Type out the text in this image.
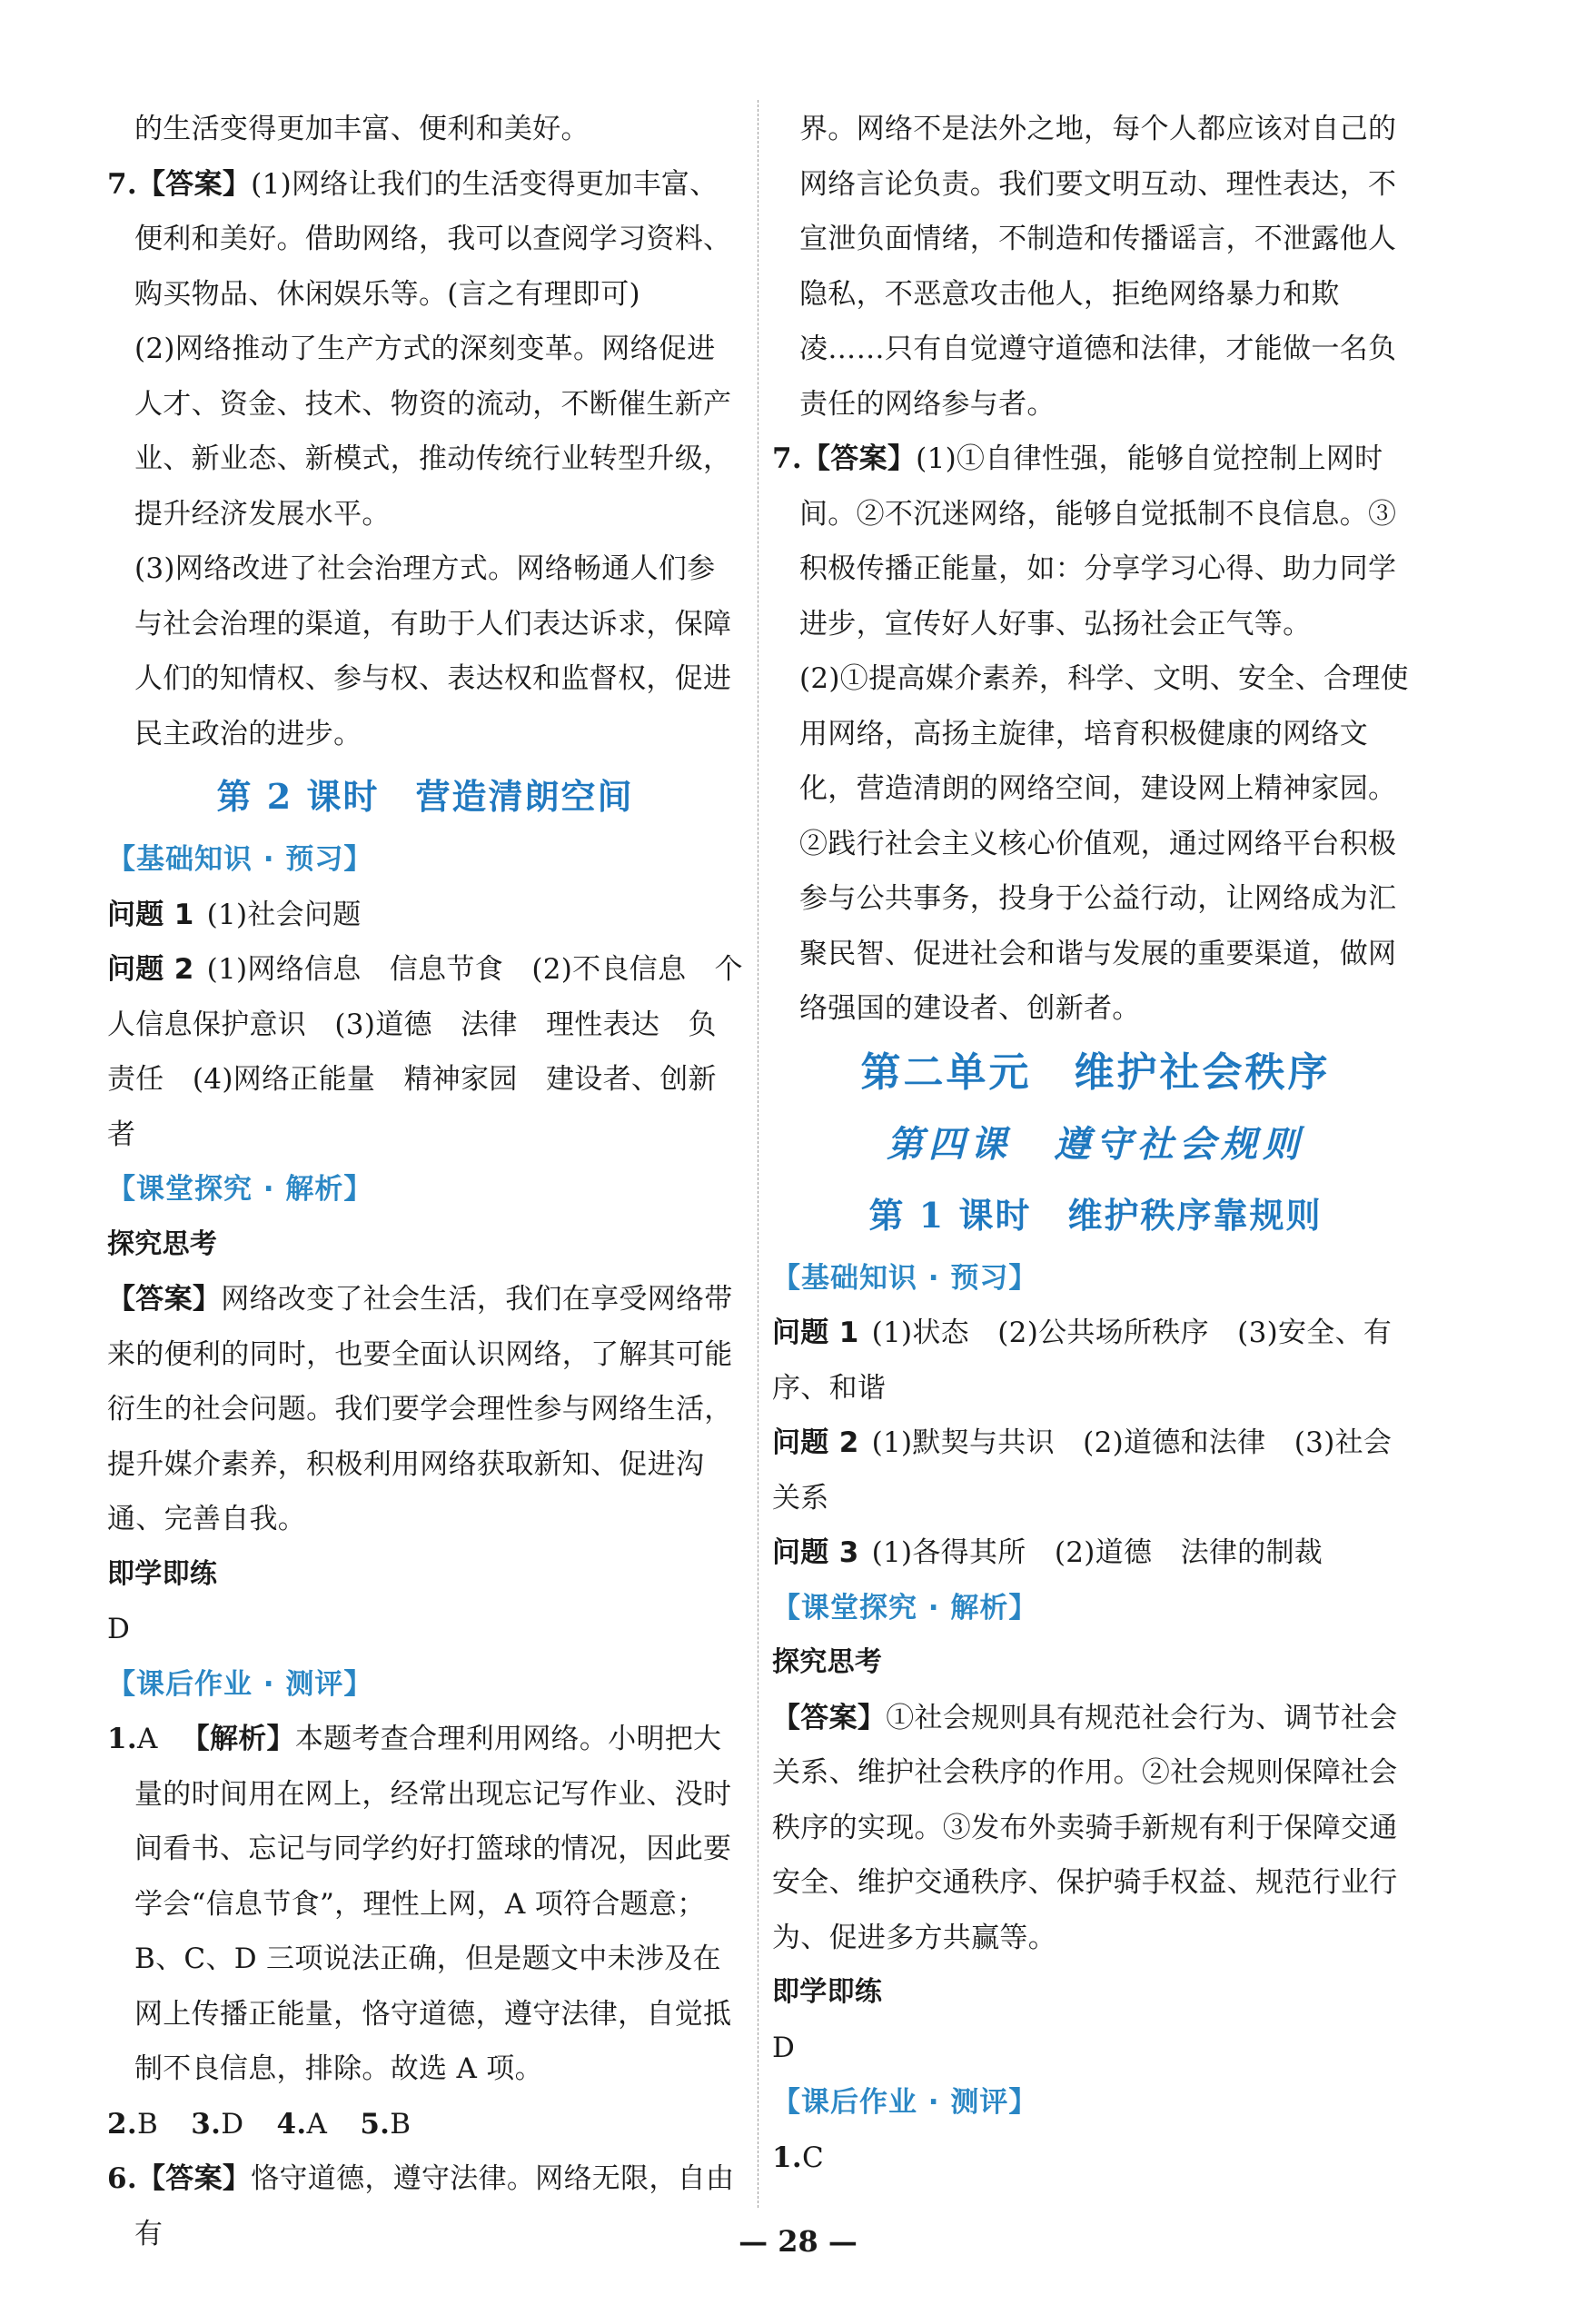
的生活变得更加丰富、便利和美好。

7.【答案】(1)网络让我们的生活变得更加丰富、便利和美好。借助网络，我可以查阅学习资料、购买物品、休闲娱乐等。(言之有理即可)

(2)网络推动了生产方式的深刻变革。网络促进人才、资金、技术、物资的流动，不断催生新产业、新业态、新模式，推动传统行业转型升级，提升经济发展水平。

(3)网络改进了社会治理方式。网络畅通人们参与社会治理的渠道，有助于人们表达诉求，保障人们的知情权、参与权、表达权和监督权，促进民主政治的进步。

第 2 课时　营造清朗空间

【基础知识 · 预习】

问题 1 (1)社会问题

问题 2 (1)网络信息　信息节食　(2)不良信息　个人信息保护意识　(3)道德　法律　理性表达　负责任　(4)网络正能量　精神家园　建设者、创新者

【课堂探究 · 解析】

探究思考

【答案】网络改变了社会生活，我们在享受网络带来的便利的同时，也要全面认识网络，了解其可能衍生的社会问题。我们要学会理性参与网络生活，提升媒介素养，积极利用网络获取新知、促进沟通、完善自我。

即学即练

D

【课后作业 · 测评】

1.A 【解析】本题考查合理利用网络。小明把大量的时间用在网上，经常出现忘记写作业、没时间看书、忘记与同学约好打篮球的情况，因此要学会“信息节食”，理性上网，A 项符合题意；B、C、D 三项说法正确，但是题文中未涉及在网上传播正能量，恪守道德，遵守法律，自觉抵制不良信息，排除。故选 A 项。

2.B 3.D 4.A 5.B

6.【答案】恪守道德，遵守法律。网络无限，自由有

界。网络不是法外之地，每个人都应该对自己的网络言论负责。我们要文明互动、理性表达，不宣泄负面情绪，不制造和传播谣言，不泄露他人隐私，不恶意攻击他人，拒绝网络暴力和欺凌……只有自觉遵守道德和法律，才能做一名负责任的网络参与者。

7.【答案】(1)①自律性强，能够自觉控制上网时间。②不沉迷网络，能够自觉抵制不良信息。③积极传播正能量，如：分享学习心得、助力同学进步，宣传好人好事、弘扬社会正气等。

(2)①提高媒介素养，科学、文明、安全、合理使用网络，高扬主旋律，培育积极健康的网络文化，营造清朗的网络空间，建设网上精神家园。②践行社会主义核心价值观，通过网络平台积极参与公共事务，投身于公益行动，让网络成为汇聚民智、促进社会和谐与发展的重要渠道，做网络强国的建设者、创新者。

第二单元　维护社会秩序

第四课　遵守社会规则

第 1 课时　维护秩序靠规则

【基础知识 · 预习】

问题 1 (1)状态　(2)公共场所秩序　(3)安全、有序、和谐

问题 2 (1)默契与共识　(2)道德和法律　(3)社会关系

问题 3 (1)各得其所　(2)道德　法律的制裁

【课堂探究 · 解析】

探究思考

【答案】①社会规则具有规范社会行为、调节社会关系、维护社会秩序的作用。②社会规则保障社会秩序的实现。③发布外卖骑手新规有利于保障交通安全、维护交通秩序、保护骑手权益、规范行业行为、促进多方共赢等。

即学即练

D

【课后作业 · 测评】

1.C

— 28 —
